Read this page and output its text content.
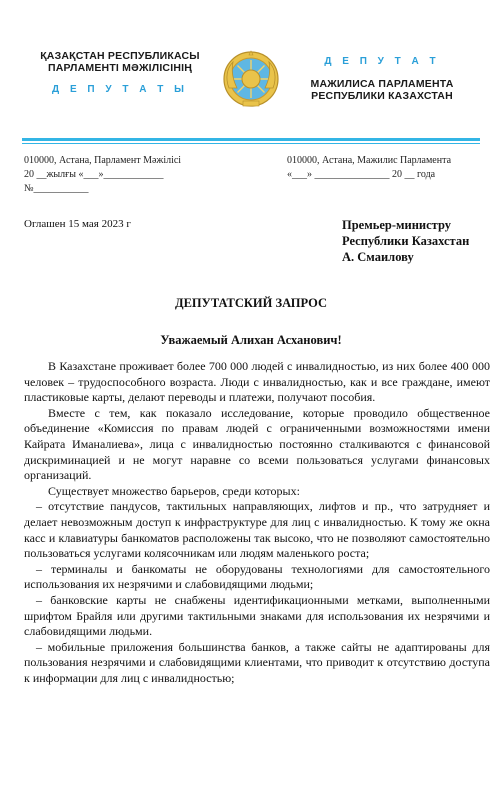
ҚАЗАҚСТАН РЕСПУБЛИКАСЫ ПАРЛАМЕНТІ МӘЖІЛІСІНІҢ
Д Е П У Т А Т Ы
Д Е П У Т А Т
МАЖИЛИСА ПАРЛАМЕНТА РЕСПУБЛИКИ КАЗАХСТАН
010000, Астана, Парламент Мәжілісі
20 __жылғы «___»____________
№___________
010000, Астана, Мажилис Парламента
«___» _______________ 20 __ года
Оглашен 15 мая 2023 г	Премьер-министру
Республики Казахстан
А. Смаилову
ДЕПУТАТСКИЙ ЗАПРОС
Уважаемый Алихан Асханович!

В Казахстане проживает более 700 000 людей с инвалидностью, из них более 400 000 человек – трудоспособного возраста. Люди с инвалидностью, как и все граждане, имеют пластиковые карты, делают переводы и платежи, получают пособия.

Вместе с тем, как показало исследование, которые проводило общественное объединение «Комиссия по правам людей с ограниченными возможностями имени Кайрата Иманалиева», лица с инвалидностью постоянно сталкиваются с финансовой дискриминацией и не могут наравне со всеми пользоваться услугами финансовых организаций.

Существует множество барьеров, среди которых:

– отсутствие пандусов, тактильных направляющих, лифтов и пр., что затрудняет и делает невозможным доступ к инфраструктуре для лиц с инвалидностью. К тому же окна касс и клавиатуры банкоматов расположены так высоко, что не позволяют самостоятельно пользоваться услугами колясочникам или людям маленького роста;

– терминалы и банкоматы не оборудованы технологиями для самостоятельного использования их незрячими и слабовидящими людьми;

– банковские карты не снабжены идентификационными метками, выполненными шрифтом Брайля или другими тактильными знаками для использования их незрячими и слабовидящими людьми.

– мобильные приложения большинства банков, а также сайты не адаптированы для пользования незрячими и слабовидящими клиентами, что приводит к отсутствию доступа к информации для лиц с инвалидностью;
